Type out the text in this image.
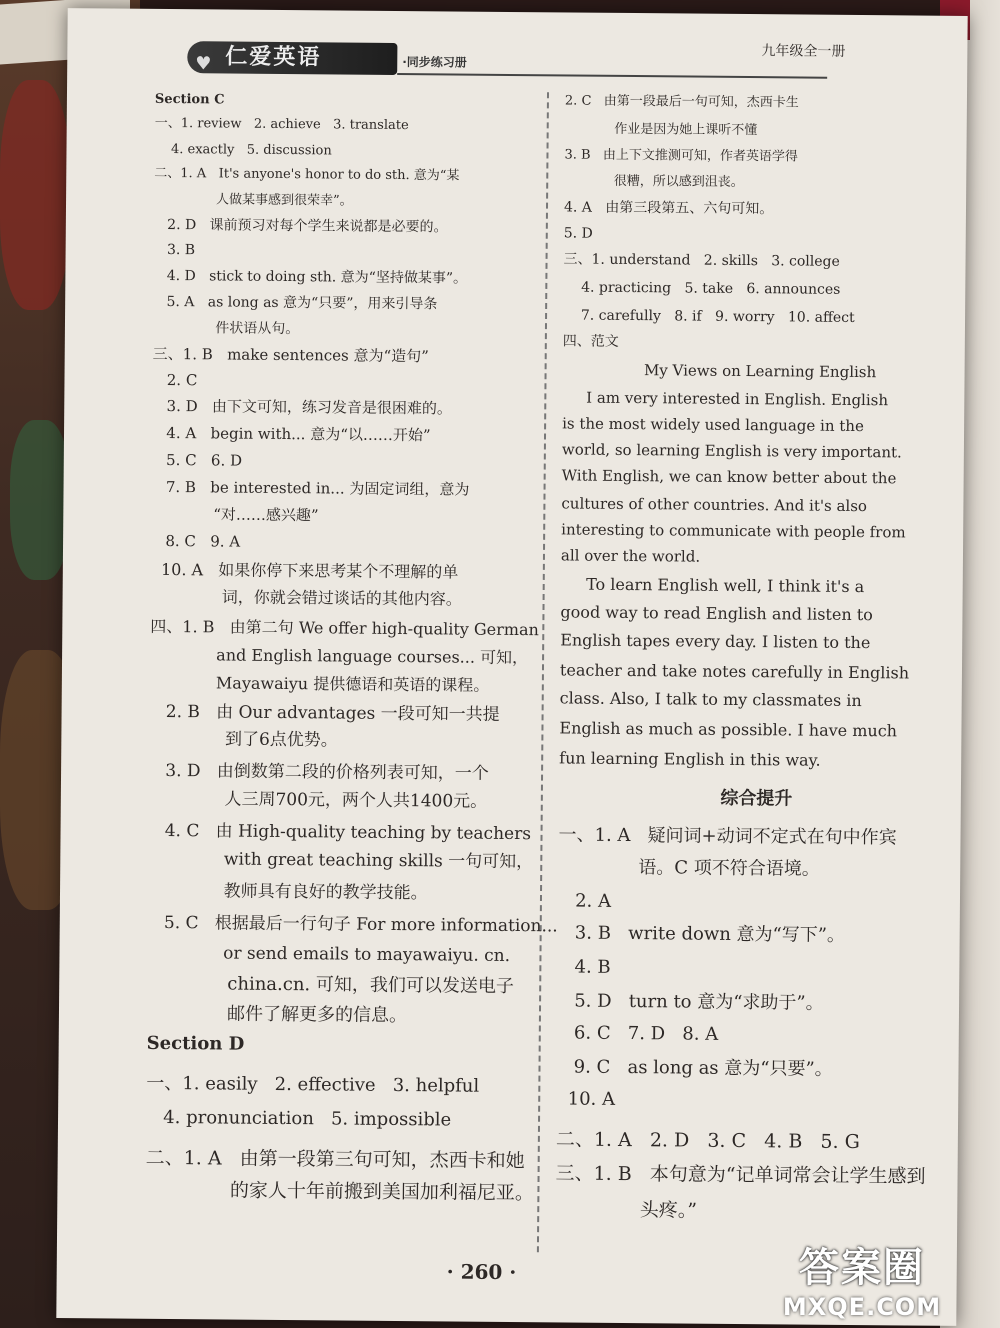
♥ 仁爱英语	·同步练习册
九年级全一册
Section C
一、1. review   2. achieve   3. translate
4. exactly   5. discussion
二、1. A   It's anyone's honor to do sth. 意为“某
人做某事感到很荣幸”。
2. D   课前预习对每个学生来说都是必要的。
3. B
4. D   stick to doing sth. 意为“坚持做某事”。
5. A   as long as 意为“只要”，用来引导条
件状语从句。
三、1. B   make sentences 意为“造句”
2. C
3. D   由下文可知，练习发音是很困难的。
4. A   begin with... 意为“以……开始”
5. C   6. D
7. B   be interested in... 为固定词组，意为
“对……感兴趣”
8. C   9. A
10. A   如果你停下来思考某个不理解的单
词，你就会错过谈话的其他内容。
四、1. B   由第二句 We offer high-quality German
and English language courses... 可知，
Mayawaiyu 提供德语和英语的课程。
2. B   由 Our advantages 一段可知一共提
到了6点优势。
3. D   由倒数第二段的价格列表可知，一个
人三周700元，两个人共1400元。
4. C   由 High-quality teaching by teachers
with great teaching skills 一句可知，
教师具有良好的教学技能。
5. C   根据最后一行句子 For more information...
or send emails to mayawaiyu. cn.
china.cn. 可知，我们可以发送电子
邮件了解更多的信息。
Section D
一、1. easily   2. effective   3. helpful
4. pronunciation   5. impossible
二、1. A   由第一段第三句可知，杰西卡和她
的家人十年前搬到美国加利福尼亚。
2. C   由第一段最后一句可知，杰西卡生
作业是因为她上课听不懂
3. B   由上下文推测可知，作者英语学得
很糟，所以感到沮丧。
4. A   由第三段第五、六句可知。
5. D
三、1. understand   2. skills   3. college
4. practicing   5. take   6. announces
7. carefully   8. if   9. worry   10. affect
四、范文
My Views on Learning English
I am very interested in English. English
is the most widely used language in the
world, so learning English is very important.
With English, we can know better about the
cultures of other countries. And it's also
interesting to communicate with people from
all over the world.
To learn English well, I think it's a
good way to read English and listen to
English tapes every day. I listen to the
teacher and take notes carefully in English
class. Also, I talk to my classmates in
English as much as possible. I have much
fun learning English in this way.
综合提升
一、1. A   疑问词+动词不定式在句中作宾
语。C 项不符合语境。
2. A
3. B   write down 意为“写下”。
4. B
5. D   turn to 意为“求助于”。
6. C   7. D   8. A
9. C   as long as 意为“只要”。
10. A
二、1. A   2. D   3. C   4. B   5. G
三、1. B   本句意为“记单词常会让学生感到
头疼。”
· 260 ·	答案圈
MXQE.COM
